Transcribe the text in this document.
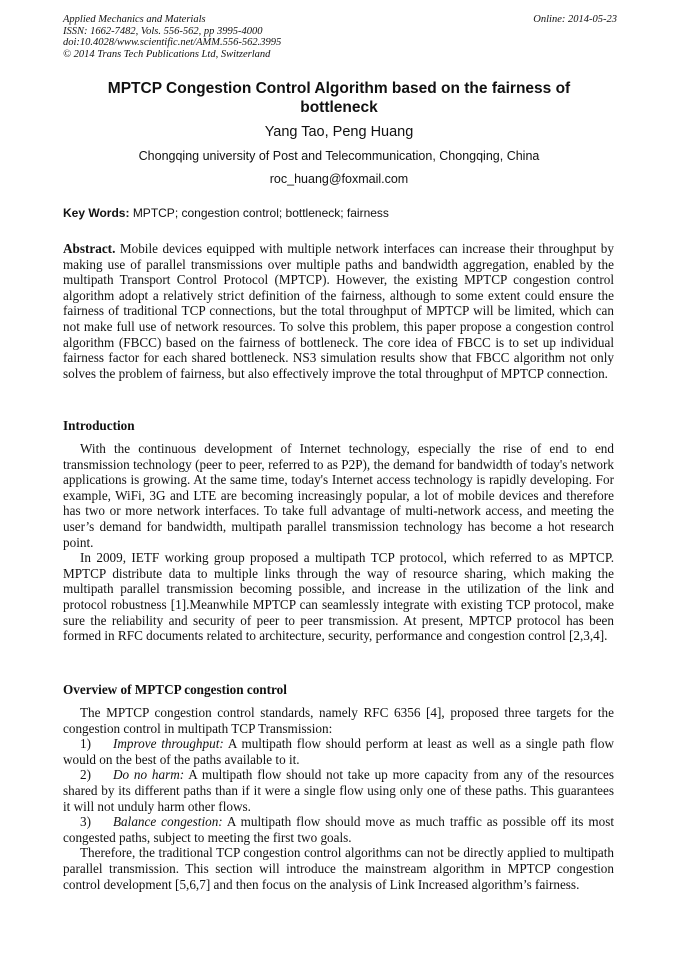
Applied Mechanics and Materials
ISSN: 1662-7482, Vols. 556-562, pp 3995-4000
doi:10.4028/www.scientific.net/AMM.556-562.3995
© 2014 Trans Tech Publications Ltd, Switzerland
Online: 2014-05-23
MPTCP Congestion Control Algorithm based on the fairness of bottleneck
Yang Tao, Peng Huang
Chongqing university of Post and Telecommunication, Chongqing, China
roc_huang@foxmail.com
Key Words: MPTCP; congestion control; bottleneck; fairness

Abstract. Mobile devices equipped with multiple network interfaces can increase their throughput by making use of parallel transmissions over multiple paths and bandwidth aggregation, enabled by the multipath Transport Control Protocol (MPTCP). However, the existing MPTCP congestion control algorithm adopt a relatively strict definition of the fairness, although to some extent could ensure the fairness of traditional TCP connections, but the total throughput of MPTCP will be limited, which can not make full use of network resources. To solve this problem, this paper propose a congestion control algorithm (FBCC) based on the fairness of bottleneck. The core idea of FBCC is to set up individual fairness factor for each shared bottleneck. NS3 simulation results show that FBCC algorithm not only solves the problem of fairness, but also effectively improve the total throughput of MPTCP connection.

Introduction

With the continuous development of Internet technology, especially the rise of end to end transmission technology (peer to peer, referred to as P2P), the demand for bandwidth of today's network applications is growing. At the same time, today's Internet access technology is rapidly developing. For example, WiFi, 3G and LTE are becoming increasingly popular, a lot of mobile devices and therefore has two or more network interfaces. To take full advantage of multi-network access, and meeting the user’s demand for bandwidth, multipath parallel transmission technology has become a hot research point.

In 2009, IETF working group proposed a multipath TCP protocol, which referred to as MPTCP. MPTCP distribute data to multiple links through the way of resource sharing, which making the multipath parallel transmission becoming possible, and increase in the utilization of the link and protocol robustness [1].Meanwhile MPTCP can seamlessly integrate with existing TCP protocol, make sure the reliability and security of peer to peer transmission. At present, MPTCP protocol has been formed in RFC documents related to architecture, security, performance and congestion control [2,3,4].

Overview of MPTCP congestion control

The MPTCP congestion control standards, namely RFC 6356 [4], proposed three targets for the congestion control in multipath TCP Transmission:

1) Improve throughput: A multipath flow should perform at least as well as a single path flow would on the best of the paths available to it.

2) Do no harm: A multipath flow should not take up more capacity from any of the resources shared by its different paths than if it were a single flow using only one of these paths. This guarantees it will not unduly harm other flows.

3) Balance congestion: A multipath flow should move as much traffic as possible off its most congested paths, subject to meeting the first two goals.

Therefore, the traditional TCP congestion control algorithms can not be directly applied to multipath parallel transmission. This section will introduce the mainstream algorithm in MPTCP congestion control development [5,6,7] and then focus on the analysis of Link Increased algorithm’s fairness.
